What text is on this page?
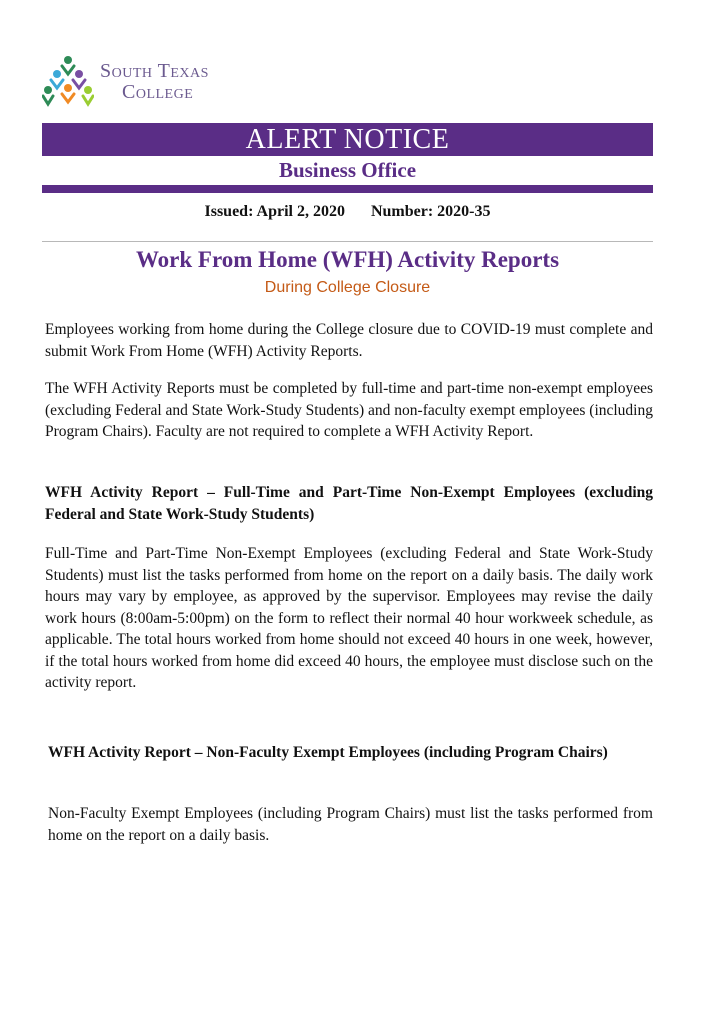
South Texas
College
ALERT NOTICE
Business Office
Issued: April 2, 2020 Number: 2020-35
Work From Home (WFH) Activity Reports
During College Closure

Employees working from home during the College closure due to COVID-19 must complete and submit Work From Home (WFH) Activity Reports.

The WFH Activity Reports must be completed by full-time and part-time non-exempt employees (excluding Federal and State Work-Study Students) and non-faculty exempt employees (including Program Chairs). Faculty are not required to complete a WFH Activity Report.

WFH Activity Report – Full-Time and Part-Time Non-Exempt Employees (excluding Federal and State Work-Study Students)

Full-Time and Part-Time Non-Exempt Employees (excluding Federal and State Work-Study Students) must list the tasks performed from home on the report on a daily basis. The daily work hours may vary by employee, as approved by the supervisor. Employees may revise the daily work hours (8:00am-5:00pm) on the form to reflect their normal 40 hour workweek schedule, as applicable. The total hours worked from home should not exceed 40 hours in one week, however, if the total hours worked from home did exceed 40 hours, the employee must disclose such on the activity report.

WFH Activity Report – Non-Faculty Exempt Employees (including Program Chairs)

Non-Faculty Exempt Employees (including Program Chairs) must list the tasks performed from home on the report on a daily basis.
